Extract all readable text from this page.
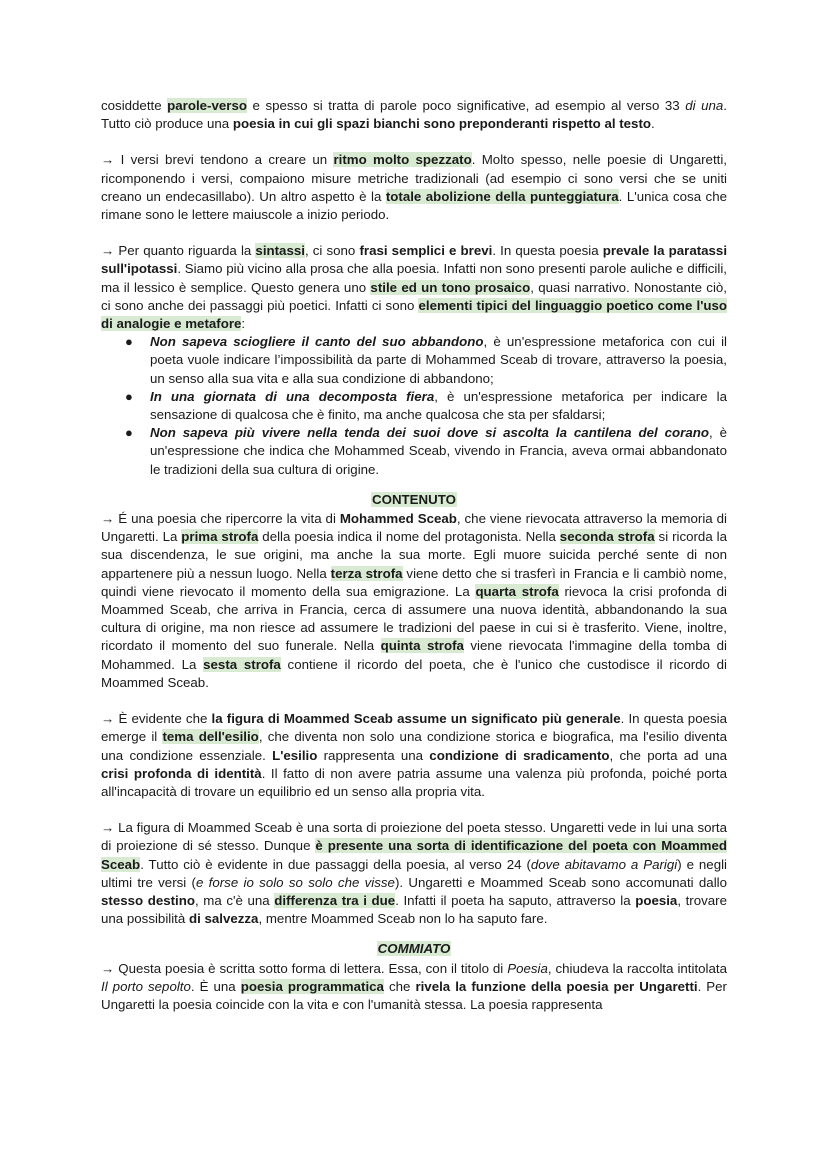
cosiddette parole-verso e spesso si tratta di parole poco significative, ad esempio al verso 33 di una. Tutto ciò produce una poesia in cui gli spazi bianchi sono preponderanti rispetto al testo.

→ I versi brevi tendono a creare un ritmo molto spezzato. Molto spesso, nelle poesie di Ungaretti, ricomponendo i versi, compaiono misure metriche tradizionali (ad esempio ci sono versi che se uniti creano un endecasillabo). Un altro aspetto è la totale abolizione della punteggiatura. L'unica cosa che rimane sono le lettere maiuscole a inizio periodo.

→ Per quanto riguarda la sintassi, ci sono frasi semplici e brevi. In questa poesia prevale la paratassi sull'ipotassi. Siamo più vicino alla prosa che alla poesia. Infatti non sono presenti parole auliche e difficili, ma il lessico è semplice. Questo genera uno stile ed un tono prosaico, quasi narrativo. Nonostante ciò, ci sono anche dei passaggi più poetici. Infatti ci sono elementi tipici del linguaggio poetico come l'uso di analogie e metafore:

● Non sapeva sciogliere il canto del suo abbandono, è un'espressione metaforica con cui il poeta vuole indicare l’impossibilità da parte di Mohammed Sceab di trovare, attraverso la poesia, un senso alla sua vita e alla sua condizione di abbandono;
● In una giornata di una decomposta fiera, è un'espressione metaforica per indicare la sensazione di qualcosa che è finito, ma anche qualcosa che sta per sfaldarsi;
● Non sapeva più vivere nella tenda dei suoi dove si ascolta la cantilena del corano, è un'espressione che indica che Mohammed Sceab, vivendo in Francia, aveva ormai abbandonato le tradizioni della sua cultura di origine.
CONTENUTO

→ É una poesia che ripercorre la vita di Mohammed Sceab, che viene rievocata attraverso la memoria di Ungaretti. La prima strofa della poesia indica il nome del protagonista. Nella seconda strofa si ricorda la sua discendenza, le sue origini, ma anche la sua morte. Egli muore suicida perché sente di non appartenere più a nessun luogo. Nella terza strofa viene detto che si trasferì in Francia e li cambiò nome, quindi viene rievocato il momento della sua emigrazione. La quarta strofa rievoca la crisi profonda di Moammed Sceab, che arriva in Francia, cerca di assumere una nuova identità, abbandonando la sua cultura di origine, ma non riesce ad assumere le tradizioni del paese in cui si è trasferito. Viene, inoltre, ricordato il momento del suo funerale. Nella quinta strofa viene rievocata l'immagine della tomba di Mohammed. La sesta strofa contiene il ricordo del poeta, che è l'unico che custodisce il ricordo di Moammed Sceab.

→ È evidente che la figura di Moammed Sceab assume un significato più generale. In questa poesia emerge il tema dell'esilio, che diventa non solo una condizione storica e biografica, ma l'esilio diventa una condizione essenziale. L'esilio rappresenta una condizione di sradicamento, che porta ad una crisi profonda di identità. Il fatto di non avere patria assume una valenza più profonda, poiché porta all'incapacità di trovare un equilibrio ed un senso alla propria vita.

→ La figura di Moammed Sceab è una sorta di proiezione del poeta stesso. Ungaretti vede in lui una sorta di proiezione di sé stesso. Dunque è presente una sorta di identificazione del poeta con Moammed Sceab. Tutto ciò è evidente in due passaggi della poesia, al verso 24 (dove abitavamo a Parigi) e negli ultimi tre versi (e forse io solo so solo che visse). Ungaretti e Moammed Sceab sono accomunati dallo stesso destino, ma c'è una differenza tra i due. Infatti il poeta ha saputo, attraverso la poesia, trovare una possibilità di salvezza, mentre Moammed Sceab non lo ha saputo fare.

COMMIATO

→ Questa poesia è scritta sotto forma di lettera. Essa, con il titolo di Poesia, chiudeva la raccolta intitolata Il porto sepolto. È una poesia programmatica che rivela la funzione della poesia per Ungaretti. Per Ungaretti la poesia coincide con la vita e con l'umanità stessa. La poesia rappresenta
